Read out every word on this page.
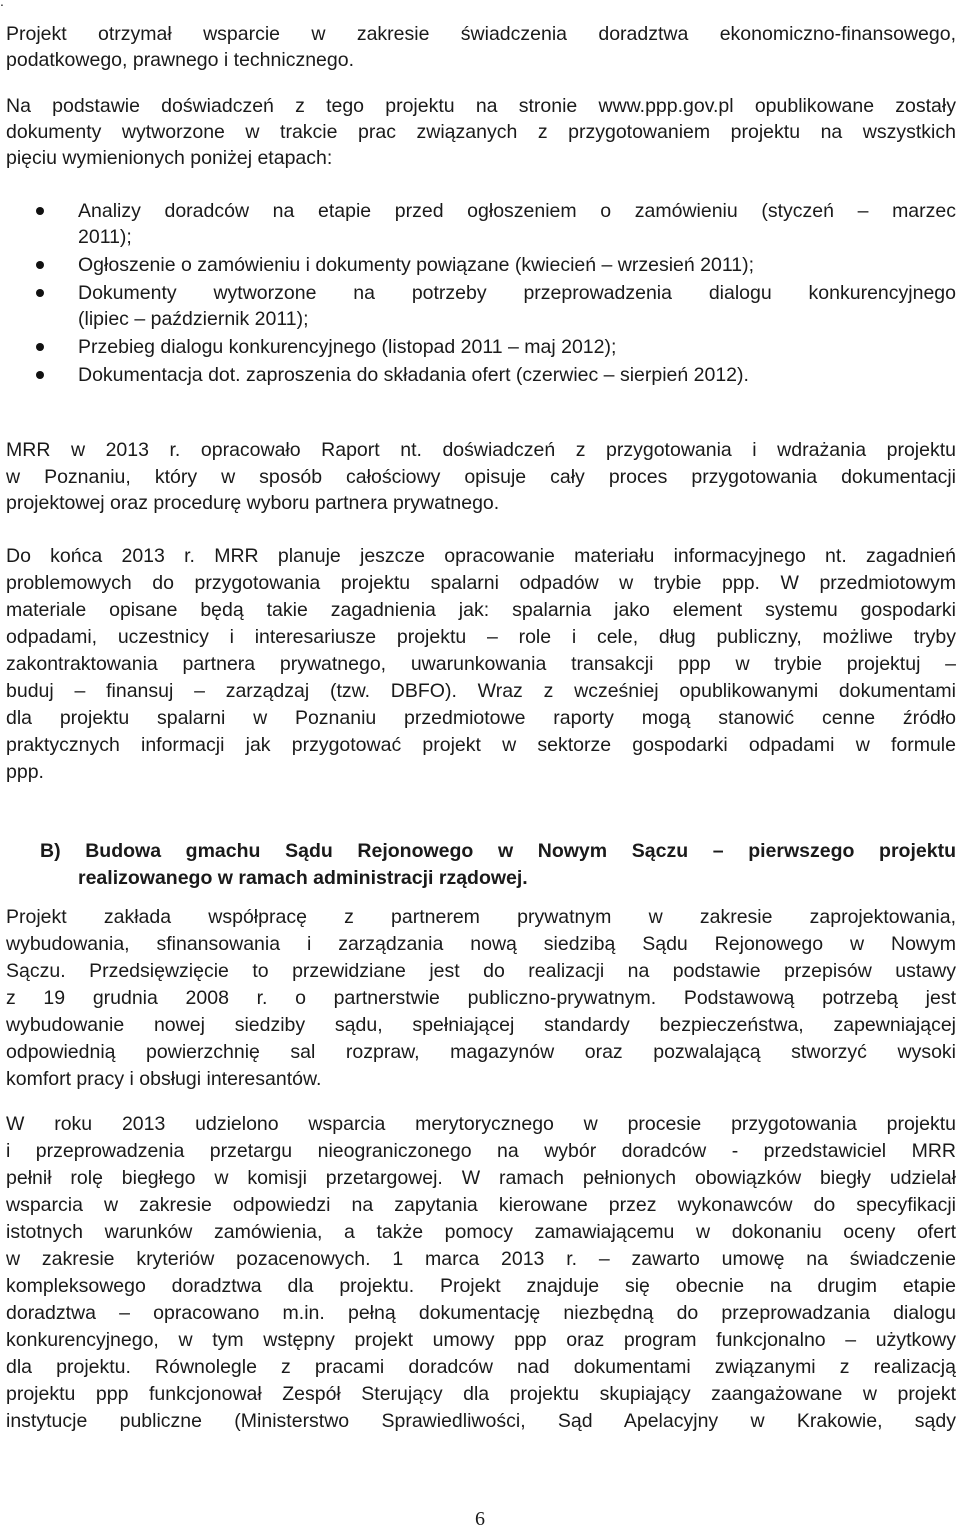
.
Projekt otrzymał wsparcie w zakresie świadczenia doradztwa ekonomiczno-finansowego,
podatkowego, prawnego i technicznego.
Na podstawie doświadczeń z tego projektu na stronie www.ppp.gov.pl opublikowane zostały
dokumenty wytworzone w trakcie prac związanych z przygotowaniem projektu na wszystkich
pięciu wymienionych poniżej etapach:
Analizy doradców na etapie przed ogłoszeniem o zamówieniu (styczeń – marzec
2011);
Ogłoszenie o zamówieniu i dokumenty powiązane (kwiecień – wrzesień 2011);
Dokumenty wytworzone na potrzeby przeprowadzenia dialogu konkurencyjnego
(lipiec – październik 2011);
Przebieg dialogu konkurencyjnego (listopad 2011 – maj 2012);
Dokumentacja dot. zaproszenia do składania ofert (czerwiec – sierpień 2012).
MRR w 2013 r. opracowało Raport nt. doświadczeń z przygotowania i wdrażania projektu
w Poznaniu, który w sposób całościowy opisuje cały proces przygotowania dokumentacji
projektowej oraz procedurę wyboru partnera prywatnego.
Do końca 2013 r. MRR planuje jeszcze opracowanie materiału informacyjnego nt. zagadnień
problemowych do przygotowania projektu spalarni odpadów w trybie ppp. W przedmiotowym
materiale opisane będą takie zagadnienia jak: spalarnia jako element systemu gospodarki
odpadami, uczestnicy i interesariusze projektu – role i cele, dług publiczny, możliwe tryby
zakontraktowania partnera prywatnego, uwarunkowania transakcji ppp w trybie projektuj –
buduj – finansuj – zarządzaj (tzw. DBFO). Wraz z wcześniej opublikowanymi dokumentami
dla projektu spalarni w Poznaniu przedmiotowe raporty mogą stanowić cenne źródło
praktycznych informacji jak przygotować projekt w sektorze gospodarki odpadami w formule
ppp.
B) Budowa gmachu Sądu Rejonowego w Nowym Sączu – pierwszego projektu
realizowanego w ramach administracji rządowej.
Projekt zakłada współpracę z partnerem prywatnym w zakresie zaprojektowania,
wybudowania, sfinansowania i zarządzania nową siedzibą Sądu Rejonowego w Nowym
Sączu. Przedsięwzięcie to przewidziane jest do realizacji na podstawie przepisów ustawy
z 19 grudnia 2008 r. o partnerstwie publiczno-prywatnym. Podstawową potrzebą jest
wybudowanie nowej siedziby sądu, spełniającej standardy bezpieczeństwa, zapewniającej
odpowiednią powierzchnię sal rozpraw, magazynów oraz pozwalającą stworzyć wysoki
komfort pracy i obsługi interesantów.
W roku 2013 udzielono wsparcia merytorycznego w procesie przygotowania projektu
i przeprowadzenia przetargu nieograniczonego na wybór doradców - przedstawiciel MRR
pełnił rolę biegłego w komisji przetargowej. W ramach pełnionych obowiązków biegły udzielał
wsparcia w zakresie odpowiedzi na zapytania kierowane przez wykonawców do specyfikacji
istotnych warunków zamówienia, a także pomocy zamawiającemu w dokonaniu oceny ofert
w zakresie kryteriów pozacenowych. 1 marca 2013 r. – zawarto umowę na świadczenie
kompleksowego doradztwa dla projektu. Projekt znajduje się obecnie na drugim etapie
doradztwa – opracowano m.in. pełną dokumentację niezbędną do przeprowadzania dialogu
konkurencyjnego, w tym wstępny projekt umowy ppp oraz program funkcjonalno – użytkowy
dla projektu. Równolegle z pracami doradców nad dokumentami związanymi z realizacją
projektu ppp funkcjonował Zespół Sterujący dla projektu skupiający zaangażowane w projekt
instytucje publiczne (Ministerstwo Sprawiedliwości, Sąd Apelacyjny w Krakowie, sądy
6
